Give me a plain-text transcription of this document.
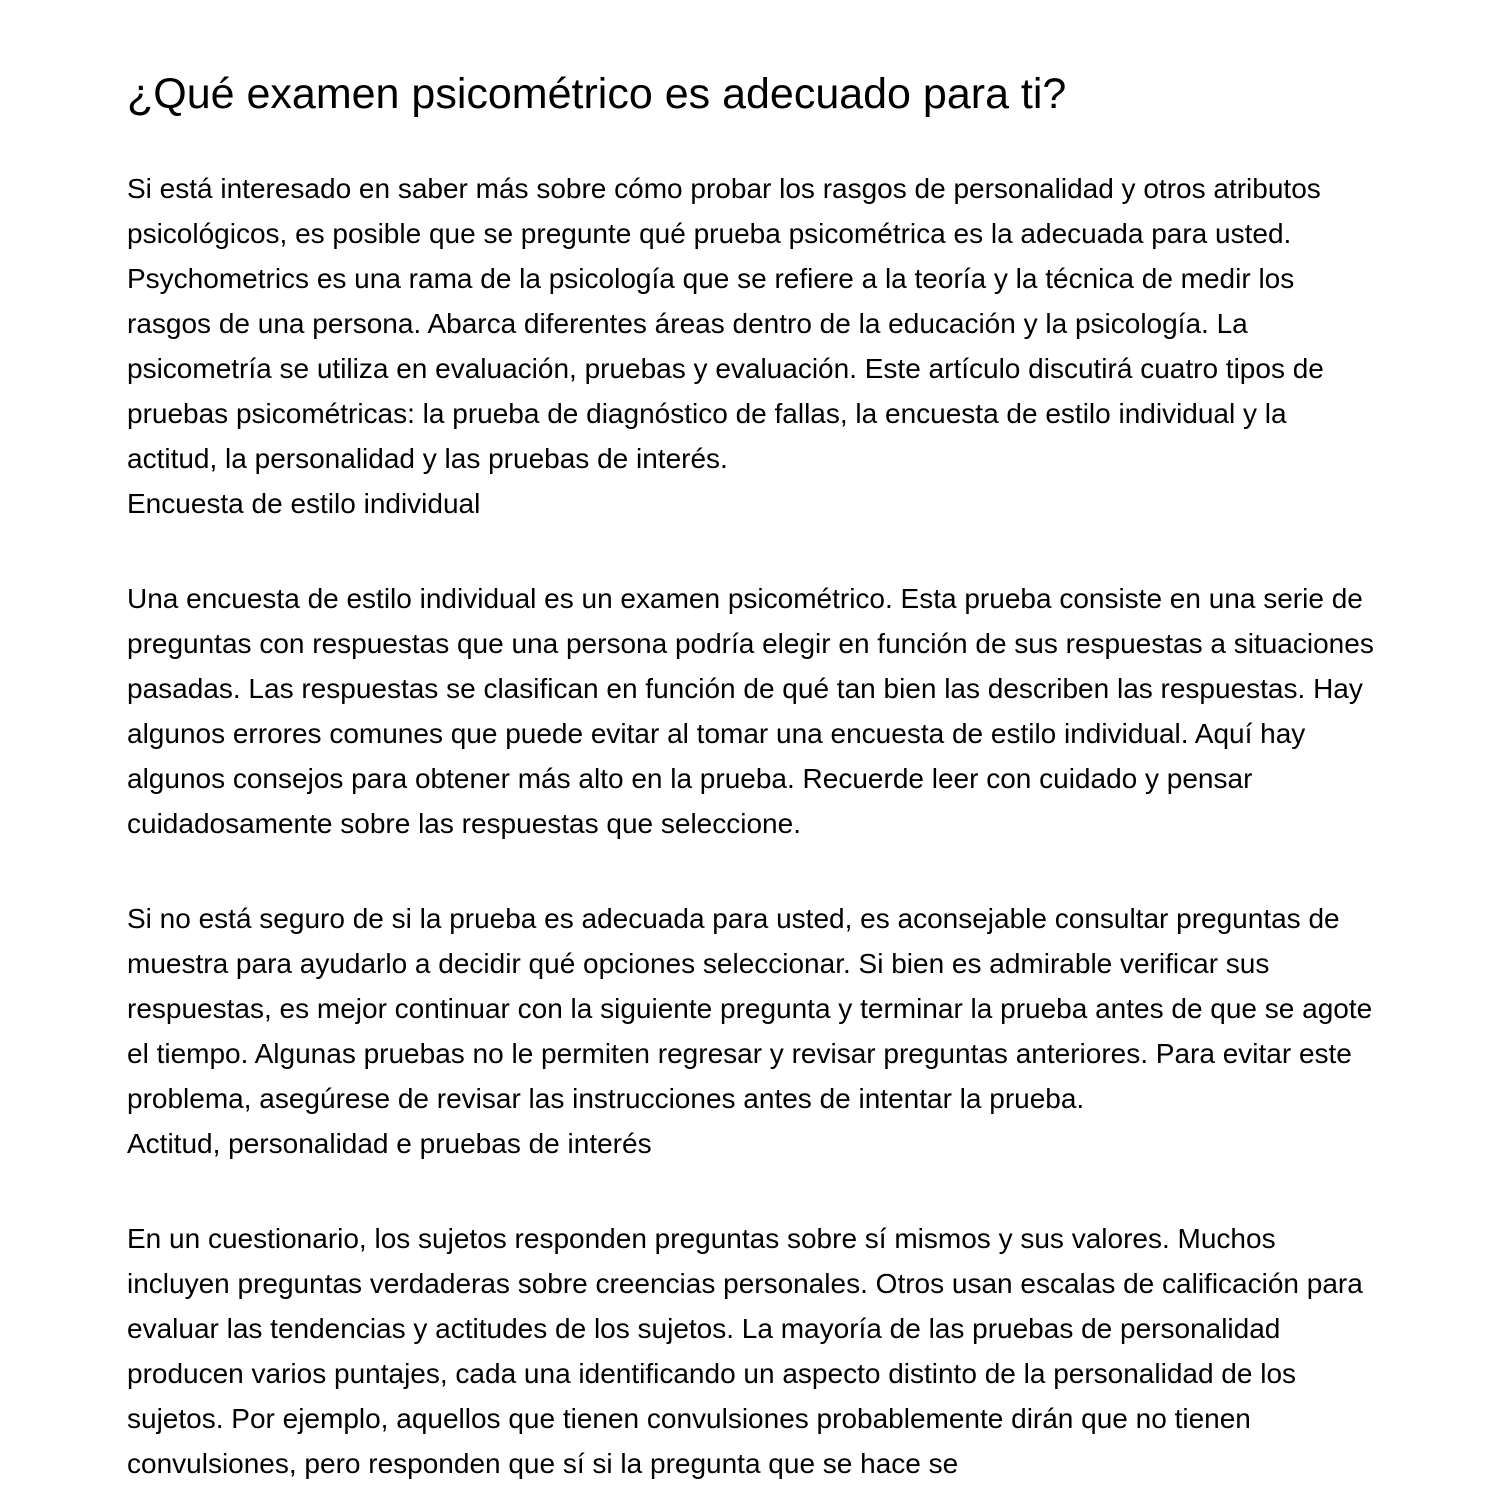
¿Qué examen psicométrico es adecuado para ti?

Si está interesado en saber más sobre cómo probar los rasgos de personalidad y otros atributos psicológicos, es posible que se pregunte qué prueba psicométrica es la adecuada para usted. Psychometrics es una rama de la psicología que se refiere a la teoría y la técnica de medir los rasgos de una persona. Abarca diferentes áreas dentro de la educación y la psicología. La psicometría se utiliza en evaluación, pruebas y evaluación. Este artículo discutirá cuatro tipos de pruebas psicométricas: la prueba de diagnóstico de fallas, la encuesta de estilo individual y la actitud, la personalidad y las pruebas de interés.
Encuesta de estilo individual

Una encuesta de estilo individual es un examen psicométrico. Esta prueba consiste en una serie de preguntas con respuestas que una persona podría elegir en función de sus respuestas a situaciones pasadas. Las respuestas se clasifican en función de qué tan bien las describen las respuestas. Hay algunos errores comunes que puede evitar al tomar una encuesta de estilo individual. Aquí hay algunos consejos para obtener más alto en la prueba. Recuerde leer con cuidado y pensar cuidadosamente sobre las respuestas que seleccione.

Si no está seguro de si la prueba es adecuada para usted, es aconsejable consultar preguntas de muestra para ayudarlo a decidir qué opciones seleccionar. Si bien es admirable verificar sus respuestas, es mejor continuar con la siguiente pregunta y terminar la prueba antes de que se agote el tiempo. Algunas pruebas no le permiten regresar y revisar preguntas anteriores. Para evitar este problema, asegúrese de revisar las instrucciones antes de intentar la prueba.
Actitud, personalidad e pruebas de interés

En un cuestionario, los sujetos responden preguntas sobre sí mismos y sus valores. Muchos incluyen preguntas verdaderas sobre creencias personales. Otros usan escalas de calificación para evaluar las tendencias y actitudes de los sujetos. La mayoría de las pruebas de personalidad producen varios puntajes, cada una identificando un aspecto distinto de la personalidad de los sujetos. Por ejemplo, aquellos que tienen convulsiones probablemente dirán que no tienen convulsiones, pero responden que sí si la pregunta que se hace se
